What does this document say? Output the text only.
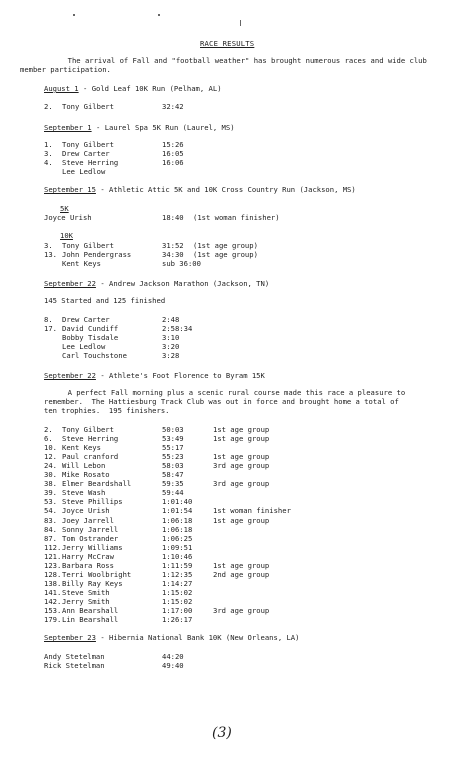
RACE RESULTS
The arrival of Fall and "football weather" has brought numerous races and wide club
member participation.
August 1 - Gold Leaf 10K Run (Pelham, AL)
2. Tony Gilbert	32:42
September 1 - Laurel Spa 5K Run (Laurel, MS)
1. Tony Gilbert	15:26
3. Drew Carter	16:05
4. Steve Herring	16:06
Lee Ledlow
September 15 - Athletic Attic 5K and 10K Cross Country Run (Jackson, MS)
5K
Joyce Urish	18:40 (1st woman finisher)
10K
3. Tony Gilbert	31:52 (1st age group)
13. John Pendergrass	34:30 (1st age group)
Kent Keys	sub 36:00
September 22 - Andrew Jackson Marathon (Jackson, TN)
145 Started and 125 finished
8. Drew Carter	2:48
17. David Cundiff	2:58:34
Bobby Tisdale	3:10
Lee Ledlow	3:20
Carl Touchstone	3:28
September 22 - Athlete's Foot Florence to Byram 15K
A perfect Fall morning plus a scenic rural course made this race a pleasure to
remember.  The Hattiesburg Track Club was out in force and brought home a total of
ten trophies.  195 finishers.
2. Tony Gilbert	50:03	1st age group
6. Steve Herring	53:49	1st age group
10. Kent Keys	55:17
12. Paul cranford	55:23	1st age group
24. Will Lebon	58:03	3rd age group
30. Mike Rosato	58:47
38. Elmer Beardshall	59:35	3rd age group
39. Steve Wash	59:44
53. Steve Phillips	1:01:40
54. Joyce Urish	1:01:54	1st woman finisher
83. Joey Jarrell	1:06:18	1st age group
84. Sonny Jarrell	1:06:18
87. Tom Ostrander	1:06:25
112. Jerry Williams	1:09:51
121. Harry McCraw	1:10:46
123. Barbara Ross	1:11:59	1st age group
128. Terri Woolbright	1:12:35	2nd age group
138. Billy Ray Keys	1:14:27
141. Steve Smith	1:15:02
142. Jerry Smith	1:15:02
153. Ann Bearshall	1:17:00	3rd age group
179. Lin Bearshall	1:26:17
September 23 - Hibernia National Bank 10K (New Orleans, LA)
Andy Stetelman	44:20
Rick Stetelman	49:40
(3)
